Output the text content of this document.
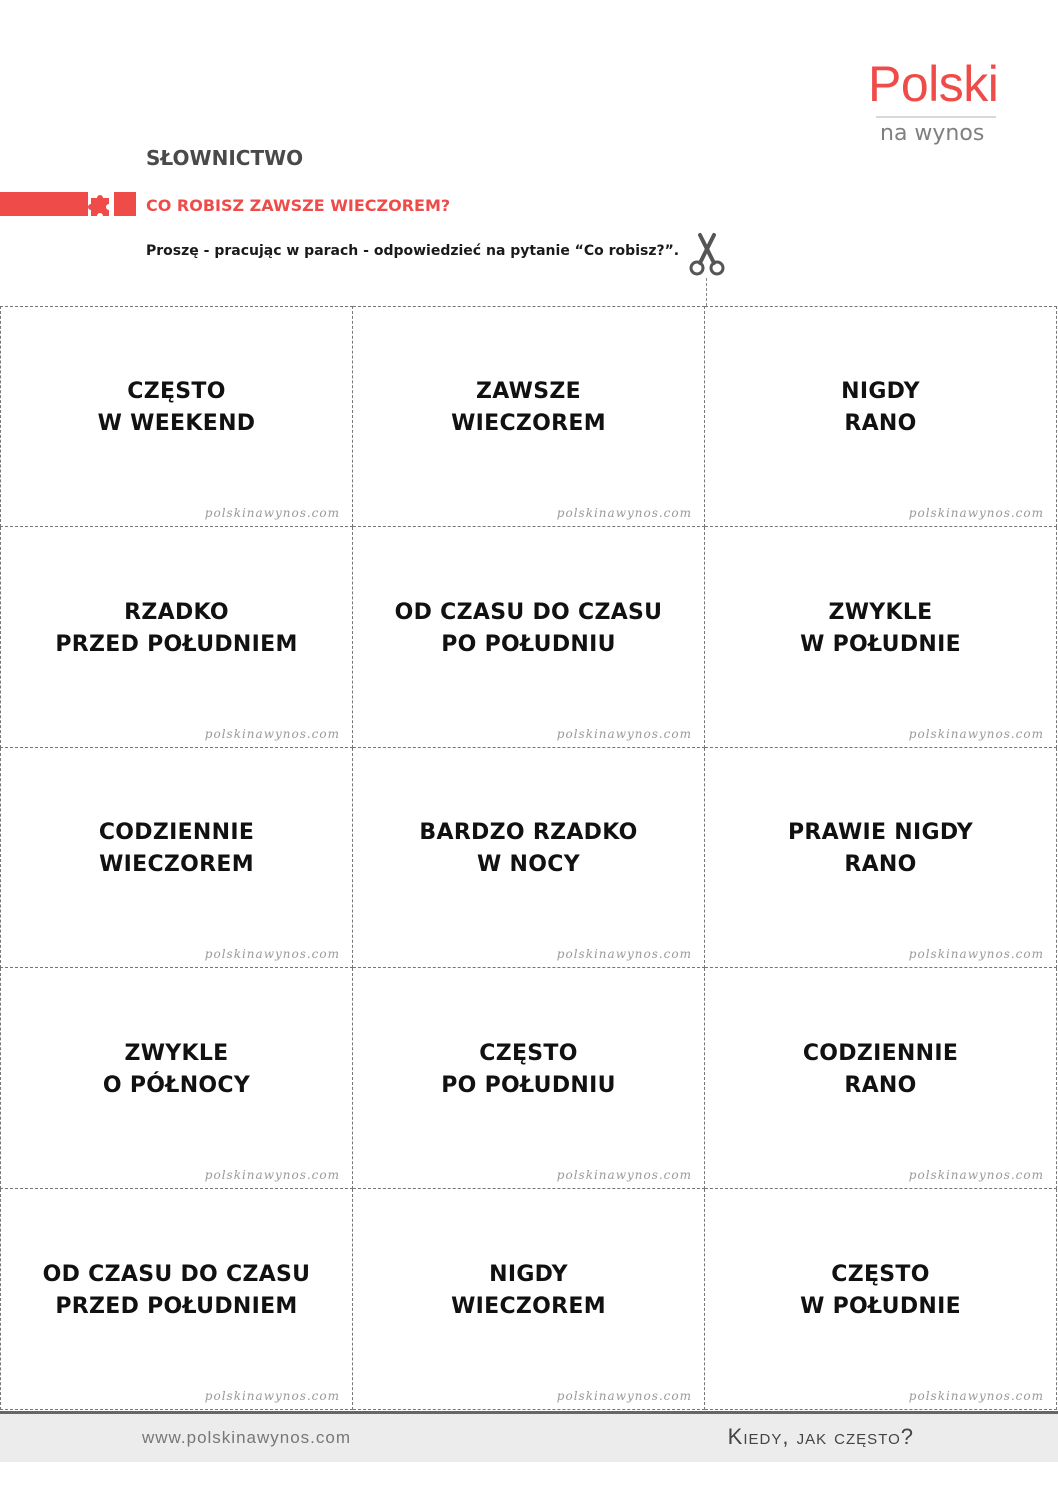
Polski
na wynos
SŁOWNICTWO
CO ROBISZ ZAWSZE WIECZOREM?
Proszę - pracując w parach - odpowiedzieć na pytanie “Co robisz?”.
CZĘSTO
W WEEKEND
polskinawynos.com
ZAWSZE
WIECZOREM
polskinawynos.com
NIGDY
RANO
polskinawynos.com
RZADKO
PRZED POŁUDNIEM
polskinawynos.com
OD CZASU DO CZASU
PO POŁUDNIU
polskinawynos.com
ZWYKLE
W POŁUDNIE
polskinawynos.com
CODZIENNIE
WIECZOREM
polskinawynos.com
BARDZO RZADKO
W NOCY
polskinawynos.com
PRAWIE NIGDY
RANO
polskinawynos.com
ZWYKLE
O PÓŁNOCY
polskinawynos.com
CZĘSTO
PO POŁUDNIU
polskinawynos.com
CODZIENNIE
RANO
polskinawynos.com
OD CZASU DO CZASU
PRZED POŁUDNIEM
polskinawynos.com
NIGDY
WIECZOREM
polskinawynos.com
CZĘSTO
W POŁUDNIE
polskinawynos.com
www.polskinawynos.com	Kiedy, jak często?
